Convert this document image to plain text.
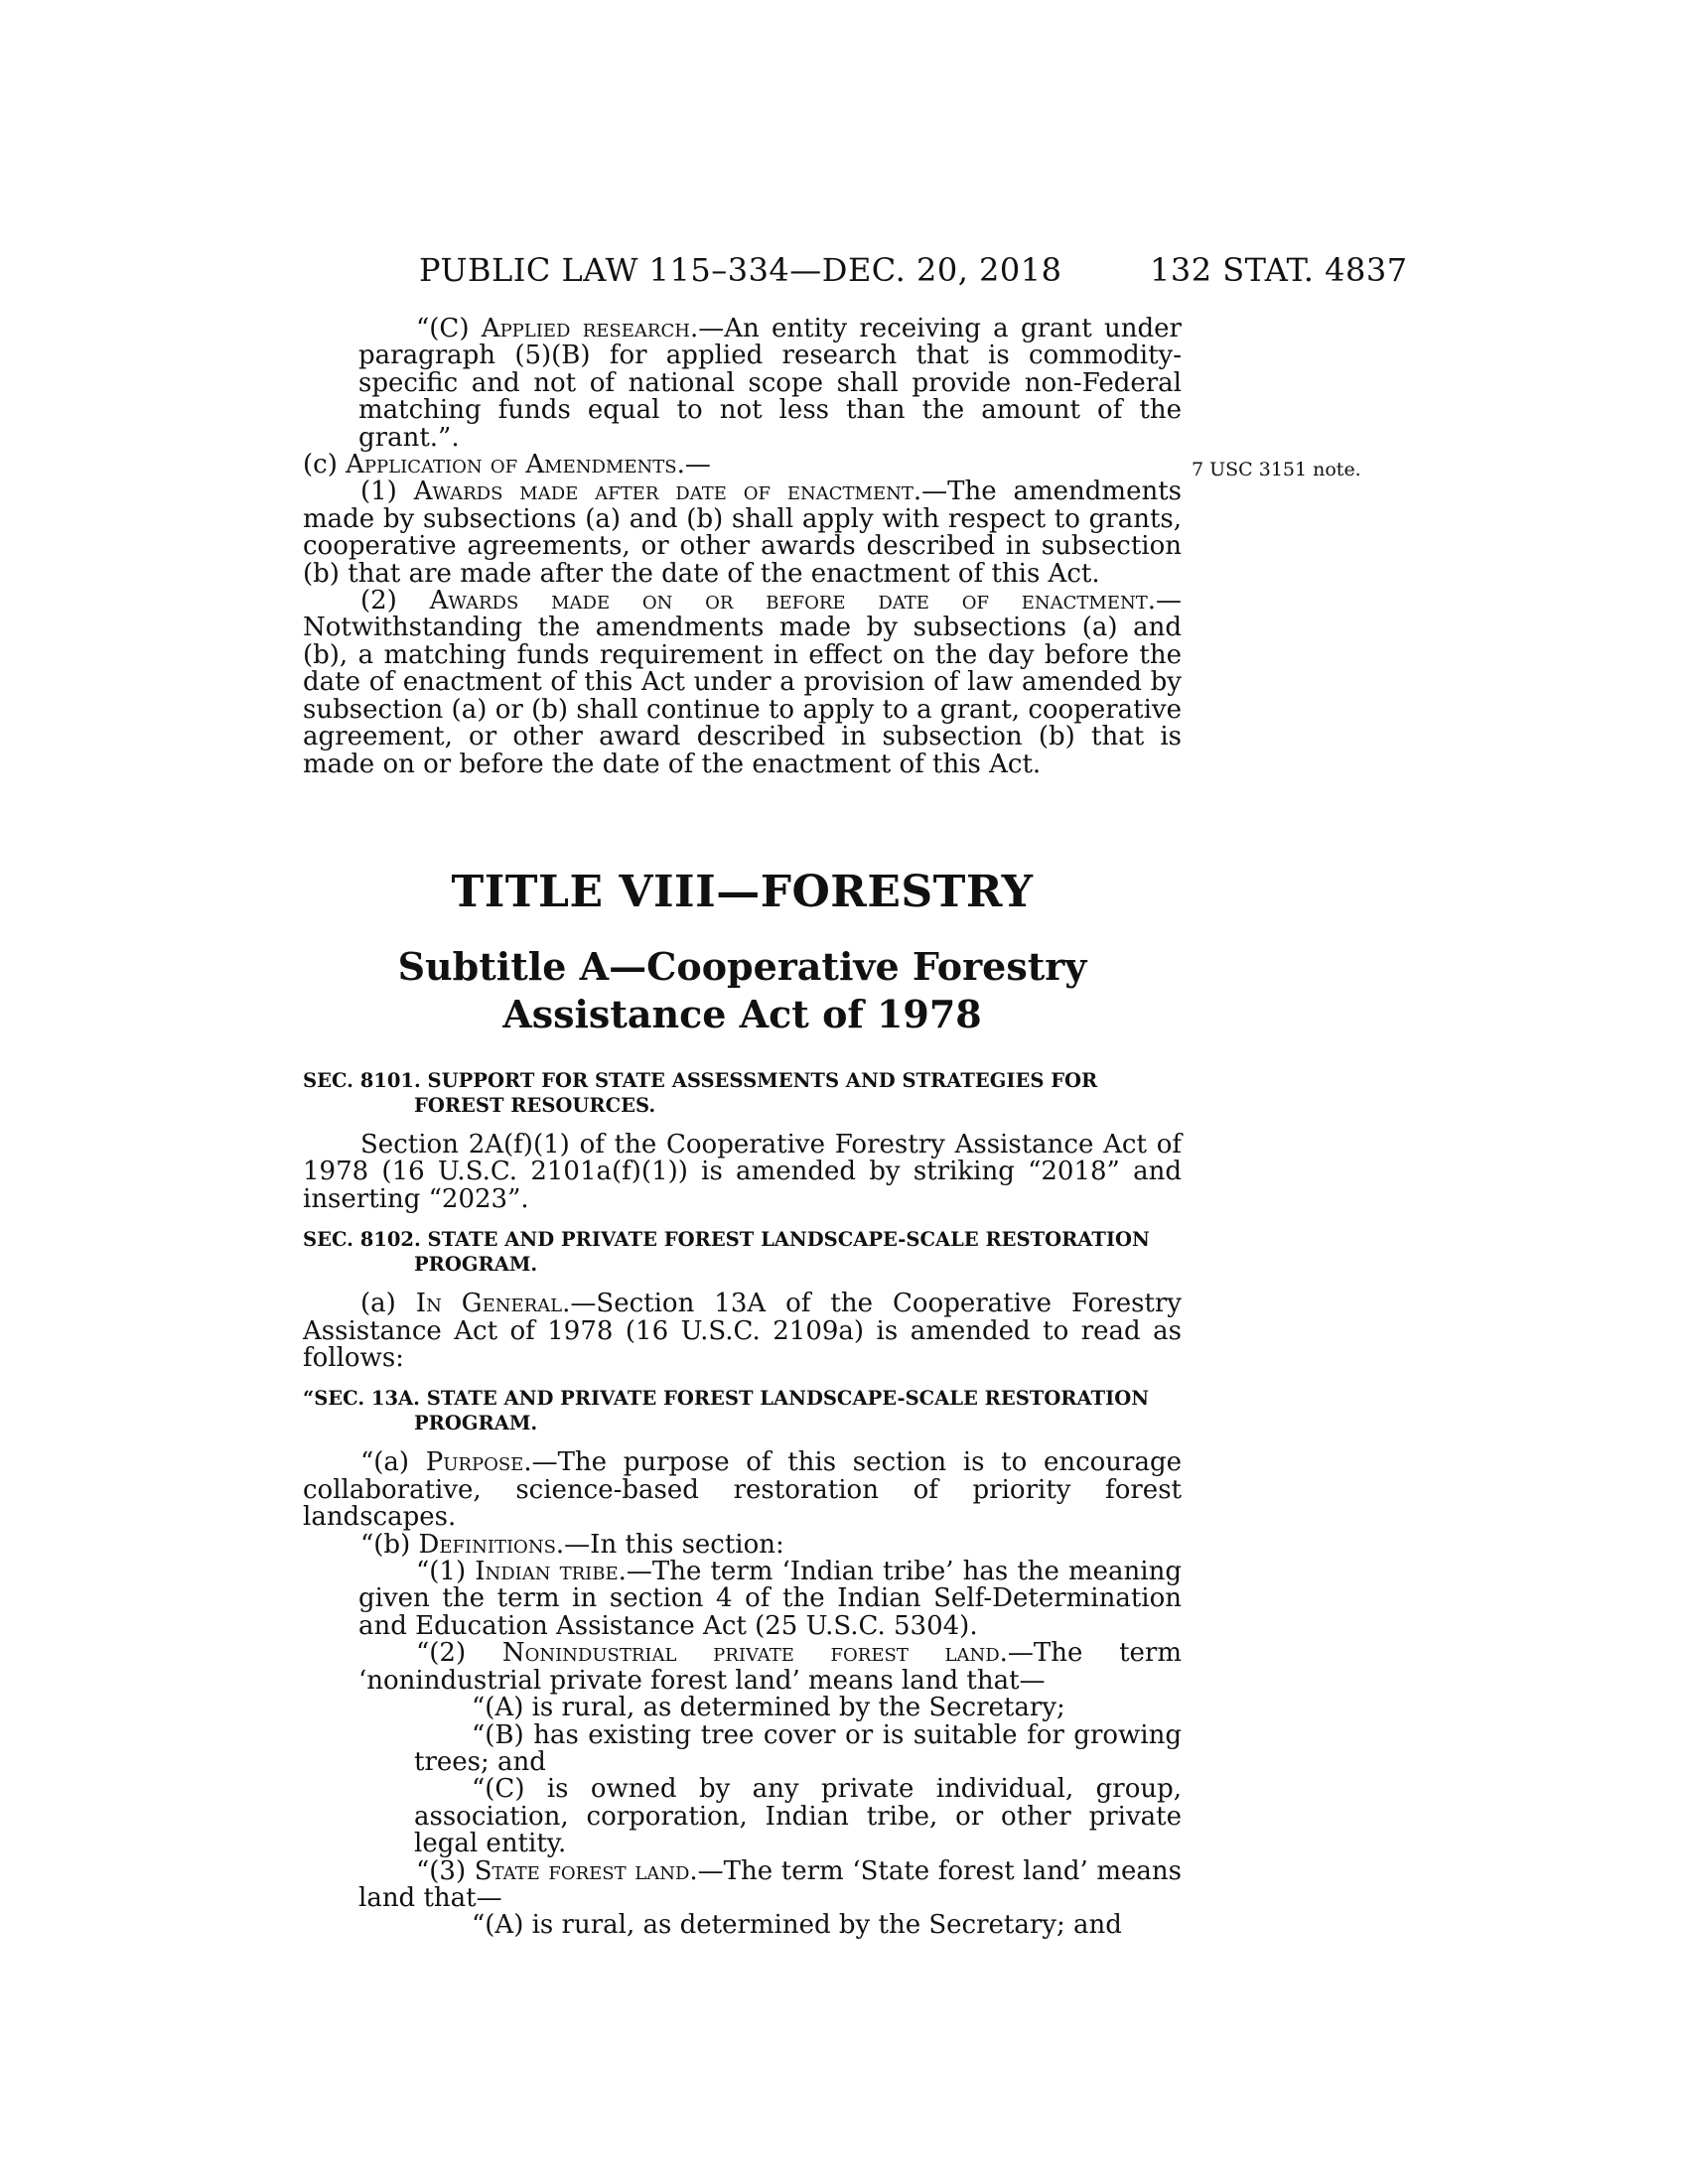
PUBLIC LAW 115–334—DEC. 20, 2018	132 STAT. 4837
7 USC 3151 note.

“(C) Applied research.—An entity receiving a grant under paragraph (5)(B) for applied research that is commodity-specific and not of national scope shall provide non-Federal matching funds equal to not less than the amount of the grant.”.

(c) Application of Amendments.—

(1) Awards made after date of enactment.—The amendments made by subsections (a) and (b) shall apply with respect to grants, cooperative agreements, or other awards described in subsection (b) that are made after the date of the enactment of this Act.

(2) Awards made on or before date of enactment.— Notwithstanding the amendments made by subsections (a) and (b), a matching funds requirement in effect on the day before the date of enactment of this Act under a provision of law amended by subsection (a) or (b) shall continue to apply to a grant, cooperative agreement, or other award described in subsection (b) that is made on or before the date of the enactment of this Act.

TITLE VIII—FORESTRY
Subtitle A—Cooperative Forestry
Assistance Act of 1978

SEC. 8101. SUPPORT FOR STATE ASSESSMENTS AND STRATEGIES FOR FOREST RESOURCES.

Section 2A(f)(1) of the Cooperative Forestry Assistance Act of 1978 (16 U.S.C. 2101a(f)(1)) is amended by striking “2018” and inserting “2023”.

SEC. 8102. STATE AND PRIVATE FOREST LANDSCAPE-SCALE RESTORATION PROGRAM.

(a) In General.—Section 13A of the Cooperative Forestry Assistance Act of 1978 (16 U.S.C. 2109a) is amended to read as follows:

“SEC. 13A. STATE AND PRIVATE FOREST LANDSCAPE-SCALE RESTORATION PROGRAM.

“(a) Purpose.—The purpose of this section is to encourage collaborative, science-based restoration of priority forest landscapes.

“(b) Definitions.—In this section:

“(1) Indian tribe.—The term ‘Indian tribe’ has the meaning given the term in section 4 of the Indian Self-Determination and Education Assistance Act (25 U.S.C. 5304).

“(2) Nonindustrial private forest land.—The term ‘nonindustrial private forest land’ means land that—

“(A) is rural, as determined by the Secretary;

“(B) has existing tree cover or is suitable for growing trees; and

“(C) is owned by any private individual, group, association, corporation, Indian tribe, or other private legal entity.

“(3) State forest land.—The term ‘State forest land’ means land that—

“(A) is rural, as determined by the Secretary; and
